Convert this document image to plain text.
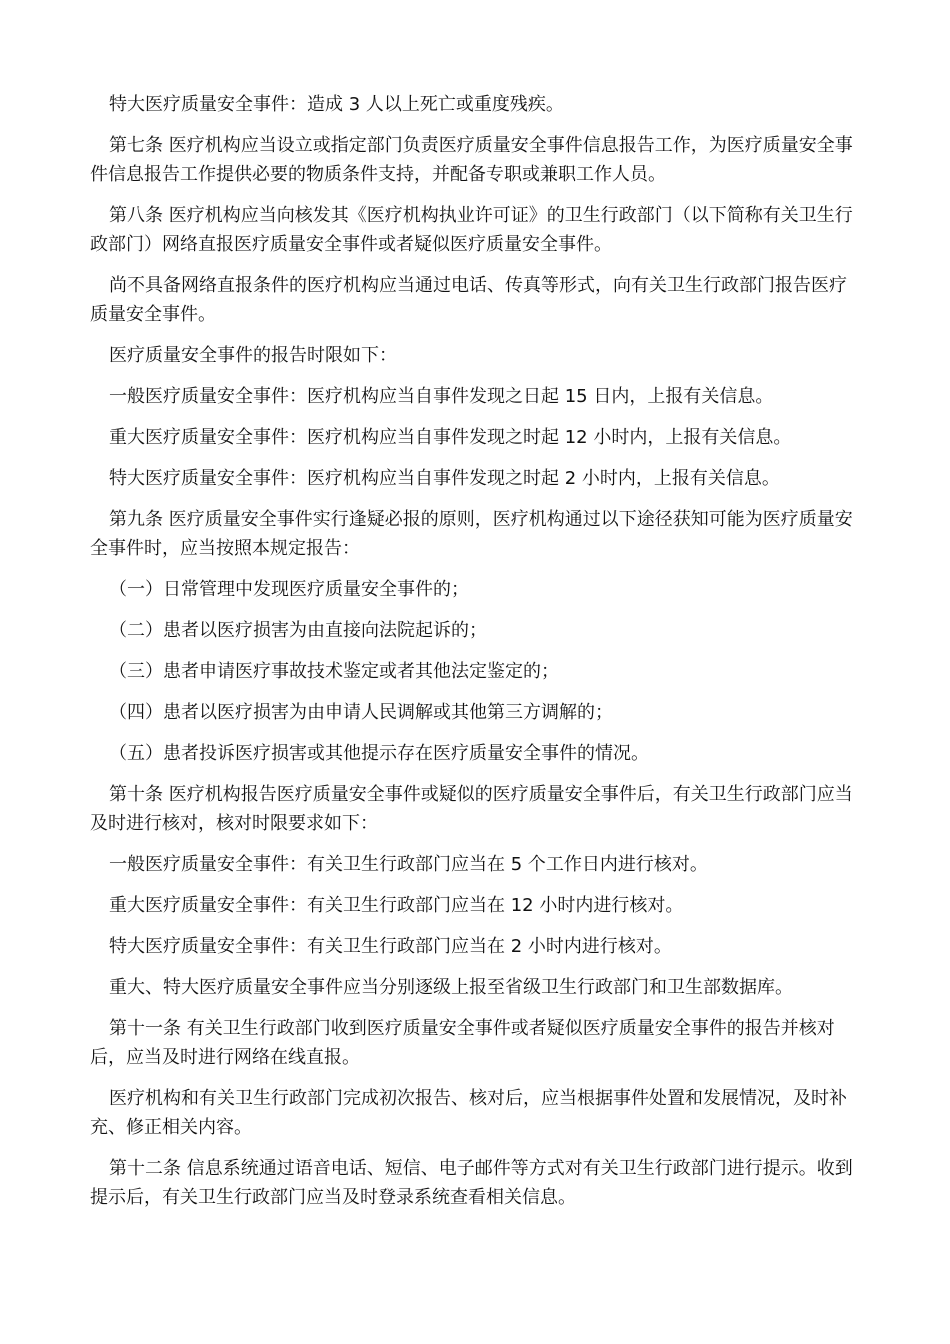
特大医疗质量安全事件：造成 3 人以上死亡或重度残疾。

第七条 医疗机构应当设立或指定部门负责医疗质量安全事件信息报告工作，为医疗质量安全事件信息报告工作提供必要的物质条件支持，并配备专职或兼职工作人员。

第八条 医疗机构应当向核发其《医疗机构执业许可证》的卫生行政部门（以下简称有关卫生行政部门）网络直报医疗质量安全事件或者疑似医疗质量安全事件。

尚不具备网络直报条件的医疗机构应当通过电话、传真等形式，向有关卫生行政部门报告医疗质量安全事件。

医疗质量安全事件的报告时限如下：

一般医疗质量安全事件：医疗机构应当自事件发现之日起 15 日内，上报有关信息。

重大医疗质量安全事件：医疗机构应当自事件发现之时起 12 小时内，上报有关信息。

特大医疗质量安全事件：医疗机构应当自事件发现之时起 2 小时内，上报有关信息。

第九条 医疗质量安全事件实行逢疑必报的原则，医疗机构通过以下途径获知可能为医疗质量安全事件时，应当按照本规定报告：

（一）日常管理中发现医疗质量安全事件的；

（二）患者以医疗损害为由直接向法院起诉的；

（三）患者申请医疗事故技术鉴定或者其他法定鉴定的；

（四）患者以医疗损害为由申请人民调解或其他第三方调解的；

（五）患者投诉医疗损害或其他提示存在医疗质量安全事件的情况。

第十条 医疗机构报告医疗质量安全事件或疑似的医疗质量安全事件后，有关卫生行政部门应当及时进行核对，核对时限要求如下：

一般医疗质量安全事件：有关卫生行政部门应当在 5 个工作日内进行核对。

重大医疗质量安全事件：有关卫生行政部门应当在 12 小时内进行核对。

特大医疗质量安全事件：有关卫生行政部门应当在 2 小时内进行核对。

重大、特大医疗质量安全事件应当分别逐级上报至省级卫生行政部门和卫生部数据库。

第十一条 有关卫生行政部门收到医疗质量安全事件或者疑似医疗质量安全事件的报告并核对后，应当及时进行网络在线直报。

医疗机构和有关卫生行政部门完成初次报告、核对后，应当根据事件处置和发展情况，及时补充、修正相关内容。

第十二条 信息系统通过语音电话、短信、电子邮件等方式对有关卫生行政部门进行提示。收到提示后，有关卫生行政部门应当及时登录系统查看相关信息。
